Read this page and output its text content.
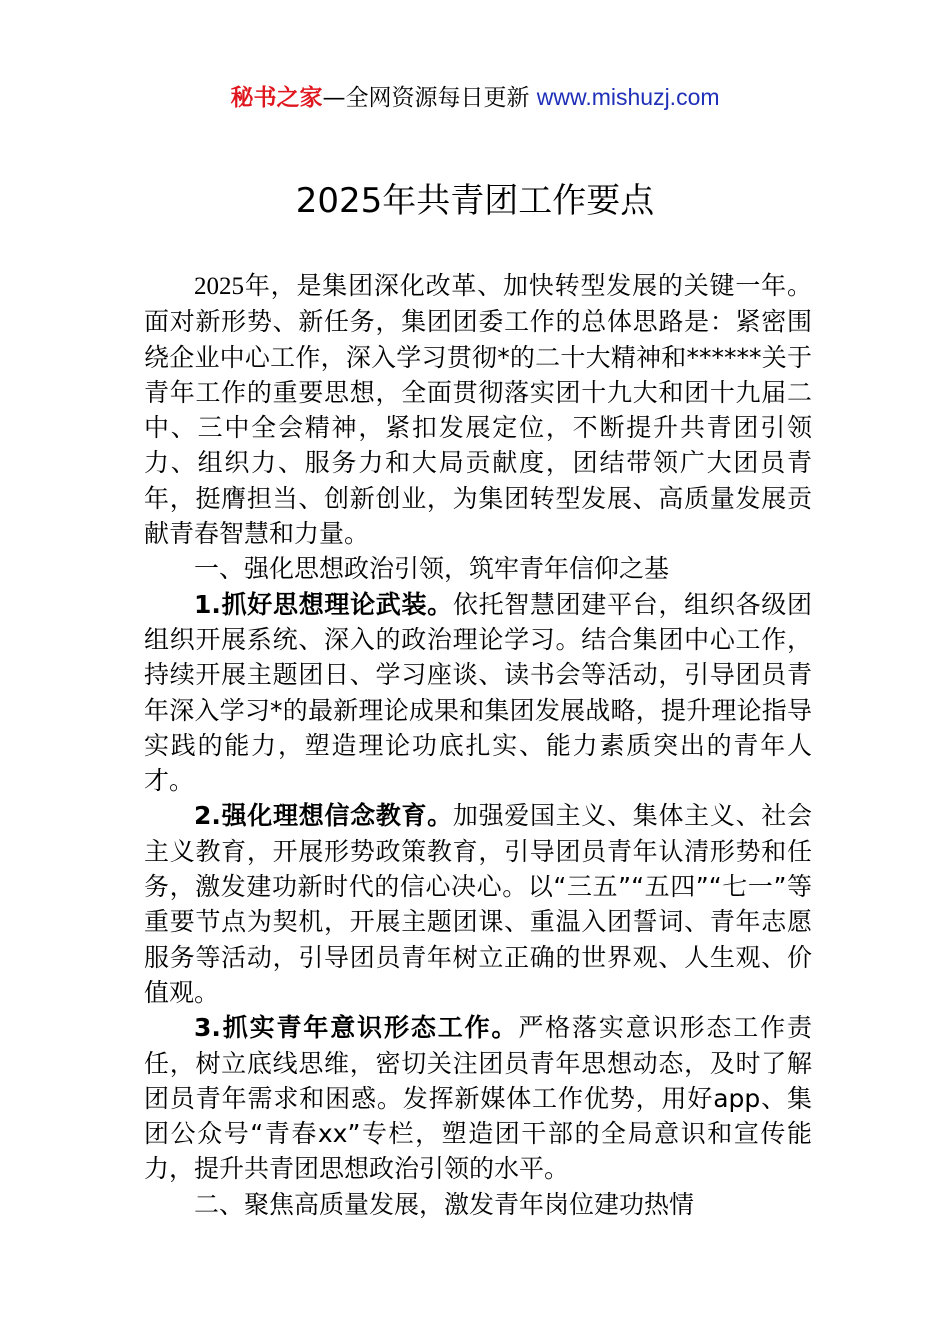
秘书之家—全网资源每日更新 www.mishuzj.com
2025年共青团工作要点

2025年，是集团深化改革、加快转型发展的关键一年。面对新形势、新任务，集团团委工作的总体思路是：紧密围绕企业中心工作，深入学习贯彻*的二十大精神和******关于青年工作的重要思想，全面贯彻落实团十九大和团十九届二中、三中全会精神，紧扣发展定位，不断提升共青团引领力、组织力、服务力和大局贡献度，团结带领广大团员青年，挺膺担当、创新创业，为集团转型发展、高质量发展贡献青春智慧和力量。

一、强化思想政治引领，筑牢青年信仰之基

1.抓好思想理论武装。依托智慧团建平台，组织各级团组织开展系统、深入的政治理论学习。结合集团中心工作，持续开展主题团日、学习座谈、读书会等活动，引导团员青年深入学习*的最新理论成果和集团发展战略，提升理论指导实践的能力，塑造理论功底扎实、能力素质突出的青年人才。

2.强化理想信念教育。加强爱国主义、集体主义、社会主义教育，开展形势政策教育，引导团员青年认清形势和任务，激发建功新时代的信心决心。以“三五”“五四”“七一”等重要节点为契机，开展主题团课、重温入团誓词、青年志愿服务等活动，引导团员青年树立正确的世界观、人生观、价值观。

3.抓实青年意识形态工作。严格落实意识形态工作责任，树立底线思维，密切关注团员青年思想动态，及时了解团员青年需求和困惑。发挥新媒体工作优势，用好app、集团公众号“青春xx”专栏，塑造团干部的全局意识和宣传能力，提升共青团思想政治引领的水平。

二、聚焦高质量发展，激发青年岗位建功热情
